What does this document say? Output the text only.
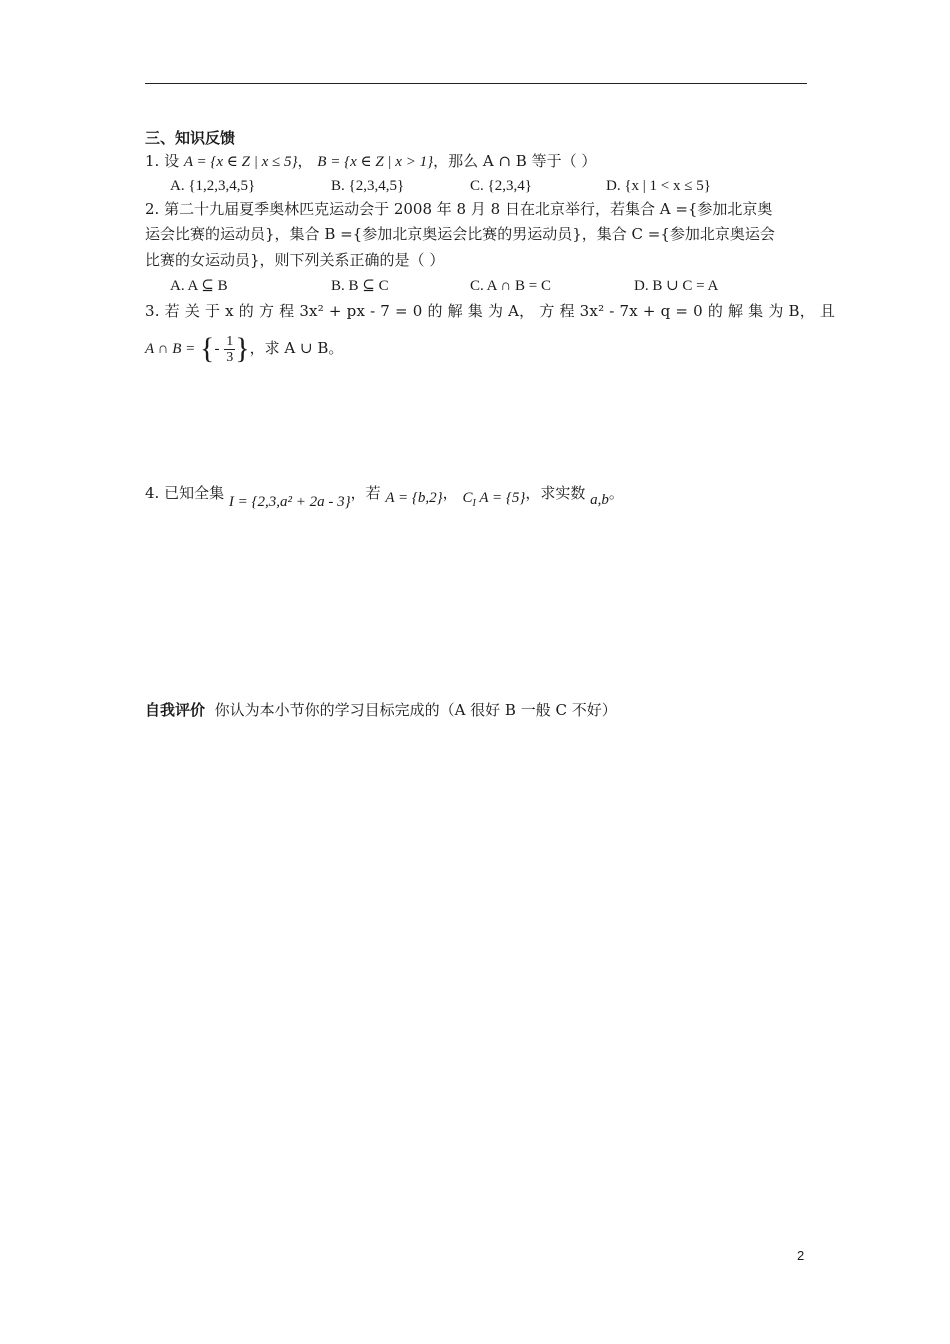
三、知识反馈
1. 设 A = {x ∈ Z | x ≤ 5}， B = {x ∈ Z | x > 1}，那么 A ∩ B 等于（ ）
A. {1,2,3,4,5}	B. {2,3,4,5}	C. {2,3,4}	D. {x | 1 < x ≤ 5}
2. 第二十九届夏季奥林匹克运动会于 2008 年 8 月 8 日在北京举行，若集合 A ={参加北京奥
运会比赛的运动员}，集合 B ={参加北京奥运会比赛的男运动员}，集合 C ={参加北京奥运会
比赛的女运动员}，则下列关系正确的是（ ）
A. A ⊆ B	B. B ⊆ C	C. A ∩ B = C	D. B ∪ C = A
3. 若 关 于 x 的 方 程 3x² + px - 7 = 0 的 解 集 为 A， 方 程 3x² - 7x + q = 0 的 解 集 为 B， 且
A ∩ B = {- $\frac{1}{3}$ }，求 A ∪ B。
4. 已知全集 I = {2,3,a² + 2a - 3}，若 A = {b,2}， $C_I$ A = {5}，求实数 a,b。
自我评价 你认为本小节你的学习目标完成的（A 很好 B 一般 C 不好）
2
